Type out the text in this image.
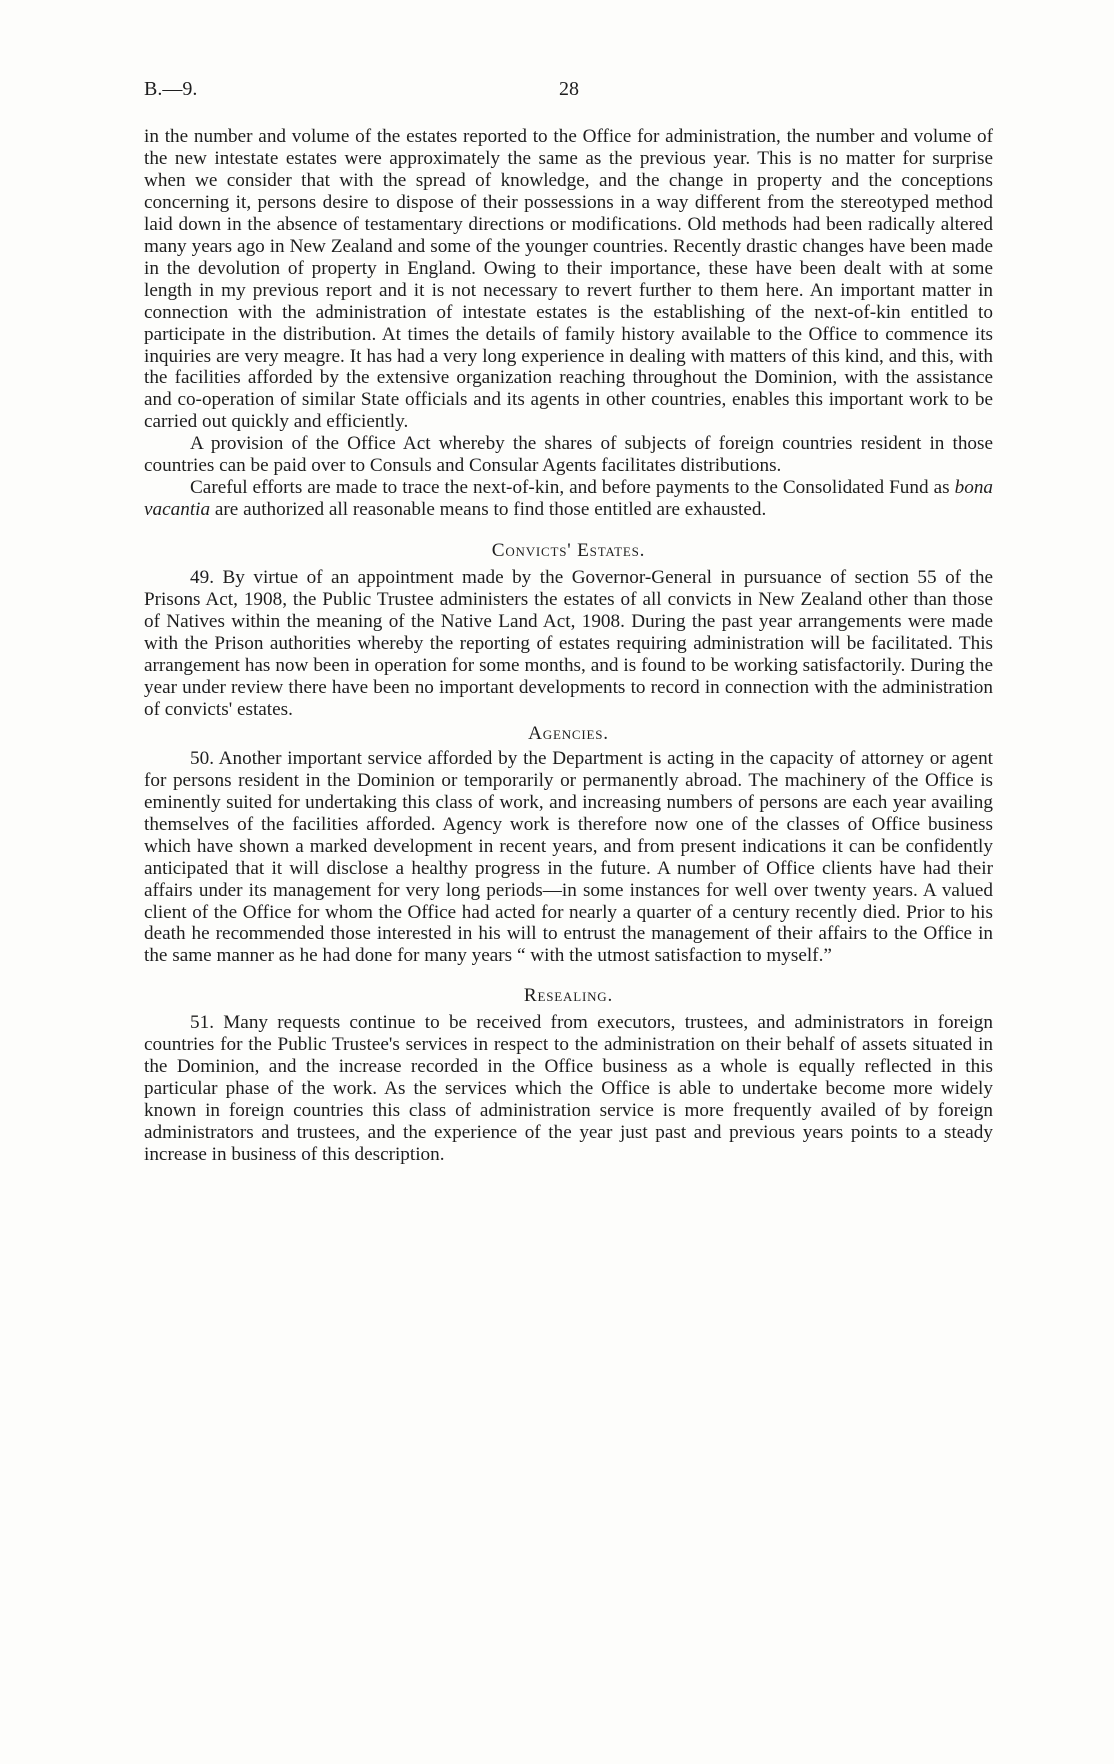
B.—9.	28

in the number and volume of the estates reported to the Office for administration, the number and volume of the new intestate estates were approximately the same as the previous year. This is no matter for surprise when we consider that with the spread of knowledge, and the change in property and the conceptions concerning it, persons desire to dispose of their possessions in a way different from the stereotyped method laid down in the absence of testamentary directions or modifications. Old methods had been radically altered many years ago in New Zealand and some of the younger countries. Recently drastic changes have been made in the devolution of property in England. Owing to their importance, these have been dealt with at some length in my previous report and it is not necessary to revert further to them here. An important matter in connection with the administration of intestate estates is the establishing of the next-of-kin entitled to participate in the distribution. At times the details of family history available to the Office to commence its inquiries are very meagre. It has had a very long experience in dealing with matters of this kind, and this, with the facilities afforded by the extensive organization reaching throughout the Dominion, with the assistance and co-operation of similar State officials and its agents in other countries, enables this important work to be carried out quickly and efficiently.

A provision of the Office Act whereby the shares of subjects of foreign countries resident in those countries can be paid over to Consuls and Consular Agents facilitates distributions.

Careful efforts are made to trace the next-of-kin, and before payments to the Consolidated Fund as bona vacantia are authorized all reasonable means to find those entitled are exhausted.

Convicts' Estates.

49. By virtue of an appointment made by the Governor-General in pursuance of section 55 of the Prisons Act, 1908, the Public Trustee administers the estates of all convicts in New Zealand other than those of Natives within the meaning of the Native Land Act, 1908. During the past year arrangements were made with the Prison authorities whereby the reporting of estates requiring administration will be facilitated. This arrangement has now been in operation for some months, and is found to be working satisfactorily. During the year under review there have been no important developments to record in connection with the administration of convicts' estates.

Agencies.

50. Another important service afforded by the Department is acting in the capacity of attorney or agent for persons resident in the Dominion or temporarily or permanently abroad. The machinery of the Office is eminently suited for undertaking this class of work, and increasing numbers of persons are each year availing themselves of the facilities afforded. Agency work is therefore now one of the classes of Office business which have shown a marked development in recent years, and from present indications it can be confidently anticipated that it will disclose a healthy progress in the future. A number of Office clients have had their affairs under its management for very long periods—in some instances for well over twenty years. A valued client of the Office for whom the Office had acted for nearly a quarter of a century recently died. Prior to his death he recommended those interested in his will to entrust the management of their affairs to the Office in the same manner as he had done for many years “ with the utmost satisfaction to myself.”

Resealing.

51. Many requests continue to be received from executors, trustees, and administrators in foreign countries for the Public Trustee's services in respect to the administration on their behalf of assets situated in the Dominion, and the increase recorded in the Office business as a whole is equally reflected in this particular phase of the work. As the services which the Office is able to undertake become more widely known in foreign countries this class of administration service is more frequently availed of by foreign administrators and trustees, and the experience of the year just past and previous years points to a steady increase in business of this description.
